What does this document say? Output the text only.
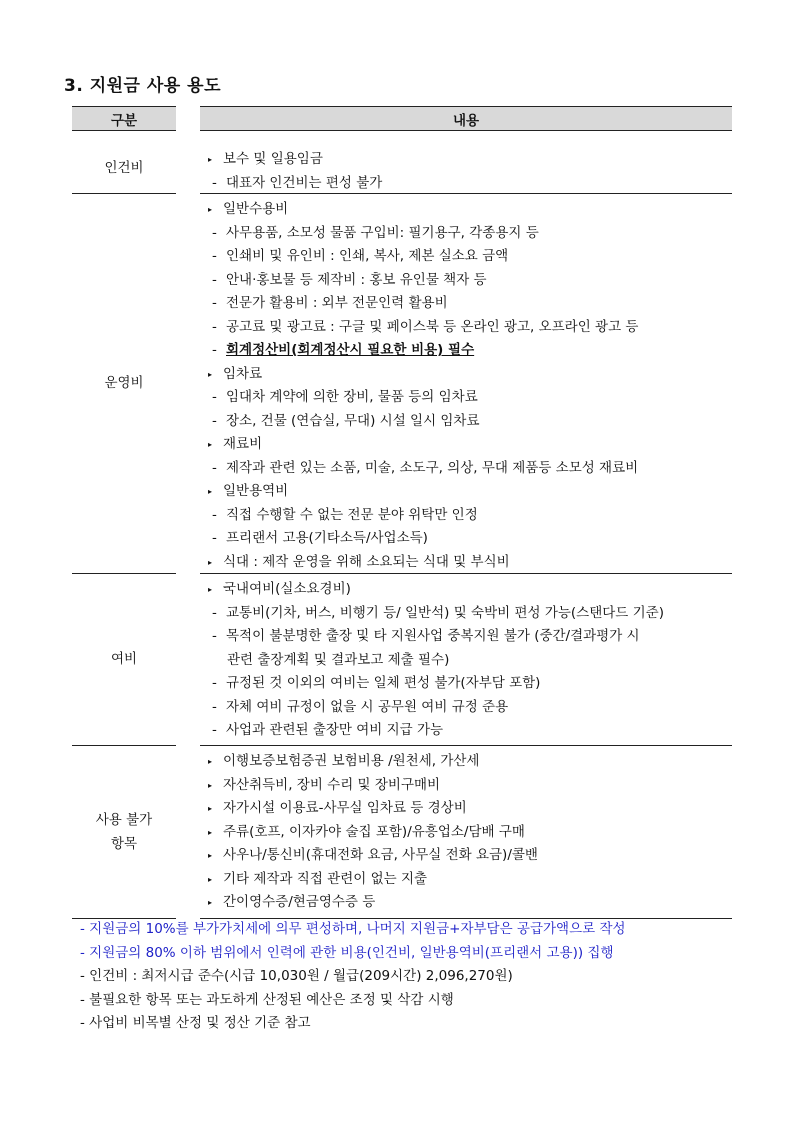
3. 지원금 사용 용도
구분	내용
인건비
▸ 보수 및 일용임금
- 대표자 인건비는 편성 불가
운영비
▸ 일반수용비
- 사무용품, 소모성 물품 구입비: 필기용구, 각종용지 등
- 인쇄비 및 유인비 : 인쇄, 복사, 제본 실소요 금액
- 안내·홍보물 등 제작비 : 홍보 유인물 책자 등
- 전문가 활용비 : 외부 전문인력 활용비
- 공고료 및 광고료 : 구글 및 페이스북 등 온라인 광고, 오프라인 광고 등
- 회계정산비(회계정산시 필요한 비용) 필수
▸ 임차료
- 임대차 계약에 의한 장비, 물품 등의 임차료
- 장소, 건물 (연습실, 무대) 시설 일시 임차료
▸ 재료비
- 제작과 관련 있는 소품, 미술, 소도구, 의상, 무대 제품등 소모성 재료비
▸ 일반용역비
- 직접 수행할 수 없는 전문 분야 위탁만 인정
- 프리랜서 고용(기타소득/사업소득)
▸ 식대 : 제작 운영을 위해 소요되는 식대 및 부식비
여비
▸ 국내여비(실소요경비)
- 교통비(기차, 버스, 비행기 등/ 일반석) 및 숙박비 편성 가능(스탠다드 기준)
- 목적이 불분명한 출장 및 타 지원사업 중복지원 불가 (중간/결과평가 시
관련 출장계획 및 결과보고 제출 필수)
- 규정된 것 이외의 여비는 일체 편성 불가(자부담 포함)
- 자체 여비 규정이 없을 시 공무원 여비 규정 준용
- 사업과 관련된 출장만 여비 지급 가능
사용 불가
항목
▸ 이행보증보험증권 보험비용 /원천세, 가산세
▸ 자산취득비, 장비 수리 및 장비구매비
▸ 자가시설 이용료-사무실 임차료 등 경상비
▸ 주류(호프, 이자카야 술집 포함)/유흥업소/담배 구매
▸ 사우나/통신비(휴대전화 요금, 사무실 전화 요금)/콜밴
▸ 기타 제작과 직접 관련이 없는 지출
▸ 간이영수증/현금영수증 등
- 지원금의 10%를 부가가치세에 의무 편성하며, 나머지 지원금+자부담은 공급가액으로 작성
- 지원금의 80% 이하 범위에서 인력에 관한 비용(인건비, 일반용역비(프리랜서 고용)) 집행
- 인건비 : 최저시급 준수(시급 10,030원 / 월급(209시간) 2,096,270원)
- 불필요한 항목 또는 과도하게 산정된 예산은 조정 및 삭감 시행
- 사업비 비목별 산정 및 정산 기준 참고
